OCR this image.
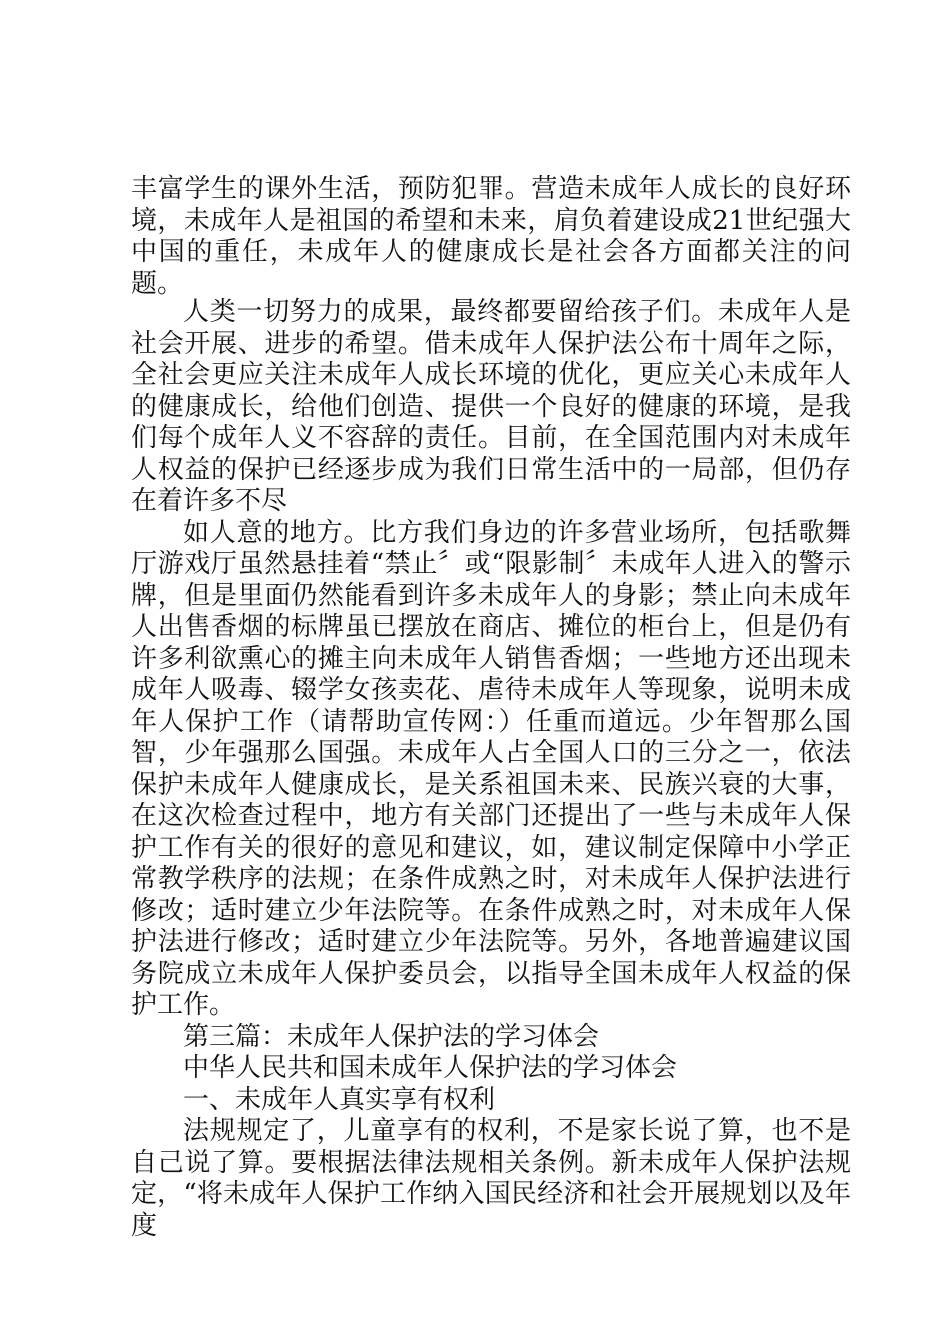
丰富学生的课外生活，预防犯罪。营造未成年人成长的良好环境，未成年人是祖国的希望和未来，肩负着建设成21世纪强大中国的重任，未成年人的健康成长是社会各方面都关注的问题。

人类一切努力的成果，最终都要留给孩子们。未成年人是社会开展、进步的希望。借未成年人保护法公布十周年之际，全社会更应关注未成年人成长环境的优化，更应关心未成年人的健康成长，给他们创造、提供一个良好的健康的环境，是我们每个成年人义不容辞的责任。目前，在全国范围内对未成年人权益的保护已经逐步成为我们日常生活中的一局部，但仍存在着许多不尽

如人意的地方。比方我们身边的许多营业场所，包括歌舞厅游戏厅虽然悬挂着“禁止〞或“限影制〞未成年人进入的警示牌，但是里面仍然能看到许多未成年人的身影；禁止向未成年人出售香烟的标牌虽已摆放在商店、摊位的柜台上，但是仍有许多利欲熏心的摊主向未成年人销售香烟；一些地方还出现未成年人吸毒、辍学女孩卖花、虐待未成年人等现象，说明未成年人保护工作（请帮助宣传网：）任重而道远。少年智那么国智，少年强那么国强。未成年人占全国人口的三分之一，依法保护未成年人健康成长，是关系祖国未来、民族兴衰的大事，在这次检查过程中，地方有关部门还提出了一些与未成年人保护工作有关的很好的意见和建议，如，建议制定保障中小学正常教学秩序的法规；在条件成熟之时，对未成年人保护法进行修改；适时建立少年法院等。在条件成熟之时，对未成年人保护法进行修改；适时建立少年法院等。另外，各地普遍建议国务院成立未成年人保护委员会，以指导全国未成年人权益的保护工作。

第三篇：未成年人保护法的学习体会

中华人民共和国未成年人保护法的学习体会

一、未成年人真实享有权利

法规规定了，儿童享有的权利，不是家长说了算，也不是自己说了算。要根据法律法规相关条例。新未成年人保护法规定，“将未成年人保护工作纳入国民经济和社会开展规划以及年度
